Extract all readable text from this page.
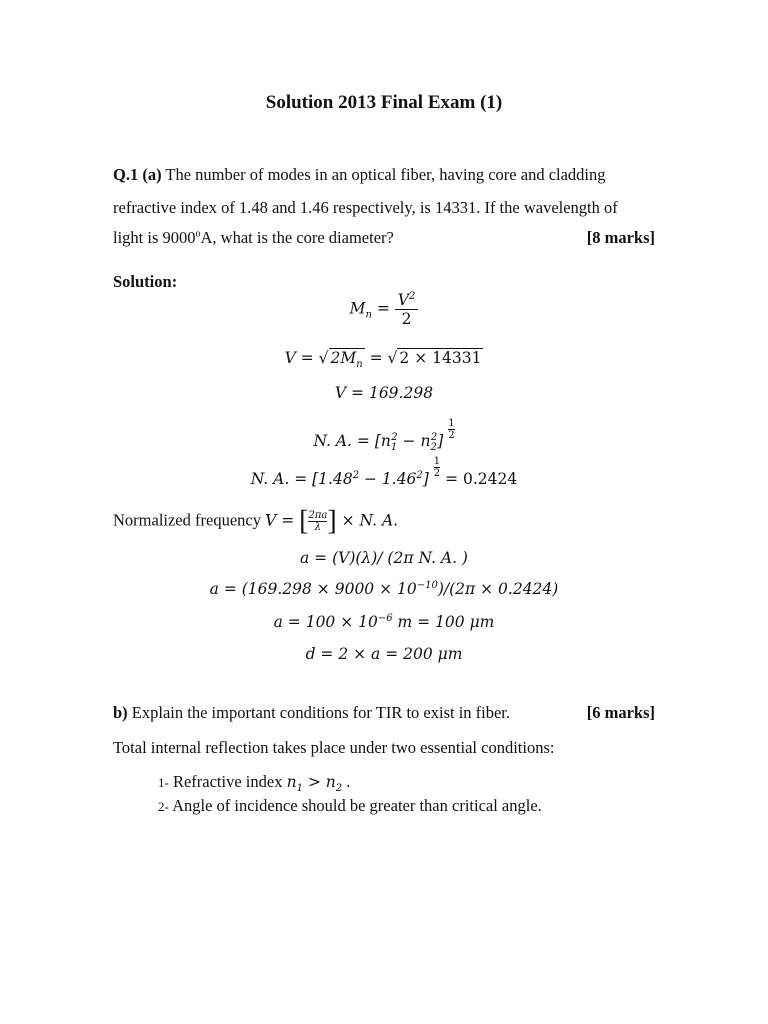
Solution 2013 Final Exam (1)
Q.1 (a) The number of modes in an optical fiber, having core and cladding
refractive index of 1.48 and 1.46 respectively, is 14331. If the wavelength of
light is 9000$^o$A, what is the core diameter?	[8 marks]
Solution:
$M_n = \frac{V^2}{2}$
V = √ $2M_n$ = √ 2 × 14331
V = 169.298
N. A. = $[n_1^2 - n_2^2] \frac{1}{2}$
N. A. = $[1.48^2 - 1.46^2] \frac{1}{2} = 0.2424$
Normalized frequency V = [ $\frac{2\pi a}{\lambda}$ ] × N. A.
a = (V)(λ)/ (2π N. A. )
$a = (169.298 \times 9000 \times 10^{-10})/(2\pi \times 0.2424)$
$a = 100 \times 10^{-6}$ m = 100 μm
d = 2 × a = 200 μm
b) Explain the important conditions for TIR to exist in fiber.	[6 marks]
Total internal reflection takes place under two essential conditions:
1- Refractive index $n_1 > n_2$ .
2- Angle of incidence should be greater than critical angle.
